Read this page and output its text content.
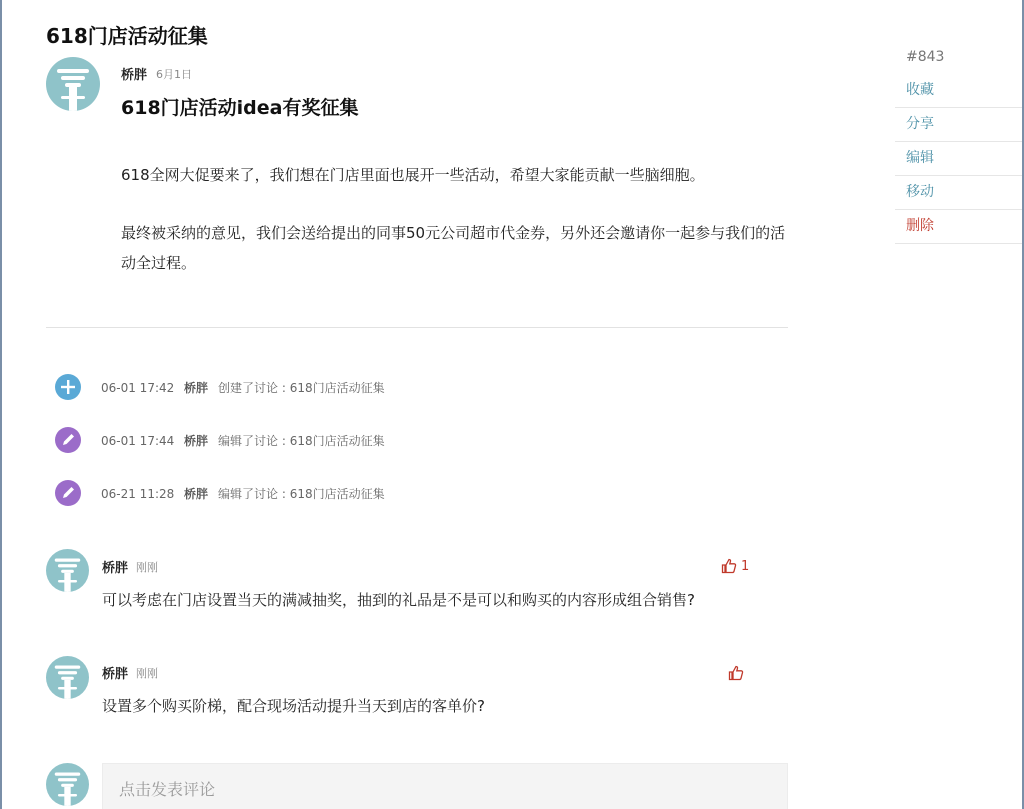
618门店活动征集
桥胖 6月1日
618门店活动idea有奖征集
618全网大促要来了，我们想在门店里面也展开一些活动，希望大家能贡献一些脑细胞。
最终被采纳的意见，我们会送给提出的同事50元公司超市代金券，另外还会邀请你一起参与我们的活动全过程。
06-01 17:42 桥胖 创建了讨论 : 618门店活动征集
06-01 17:44 桥胖 编辑了讨论 : 618门店活动征集
06-21 11:28 桥胖 编辑了讨论 : 618门店活动征集
桥胖 刚刚	1
可以考虑在门店设置当天的满减抽奖，抽到的礼品是不是可以和购买的内容形成组合销售?
桥胖 刚刚
设置多个购买阶梯，配合现场活动提升当天到店的客单价?
点击发表评论
#843
收藏
分享
编辑
移动
删除
